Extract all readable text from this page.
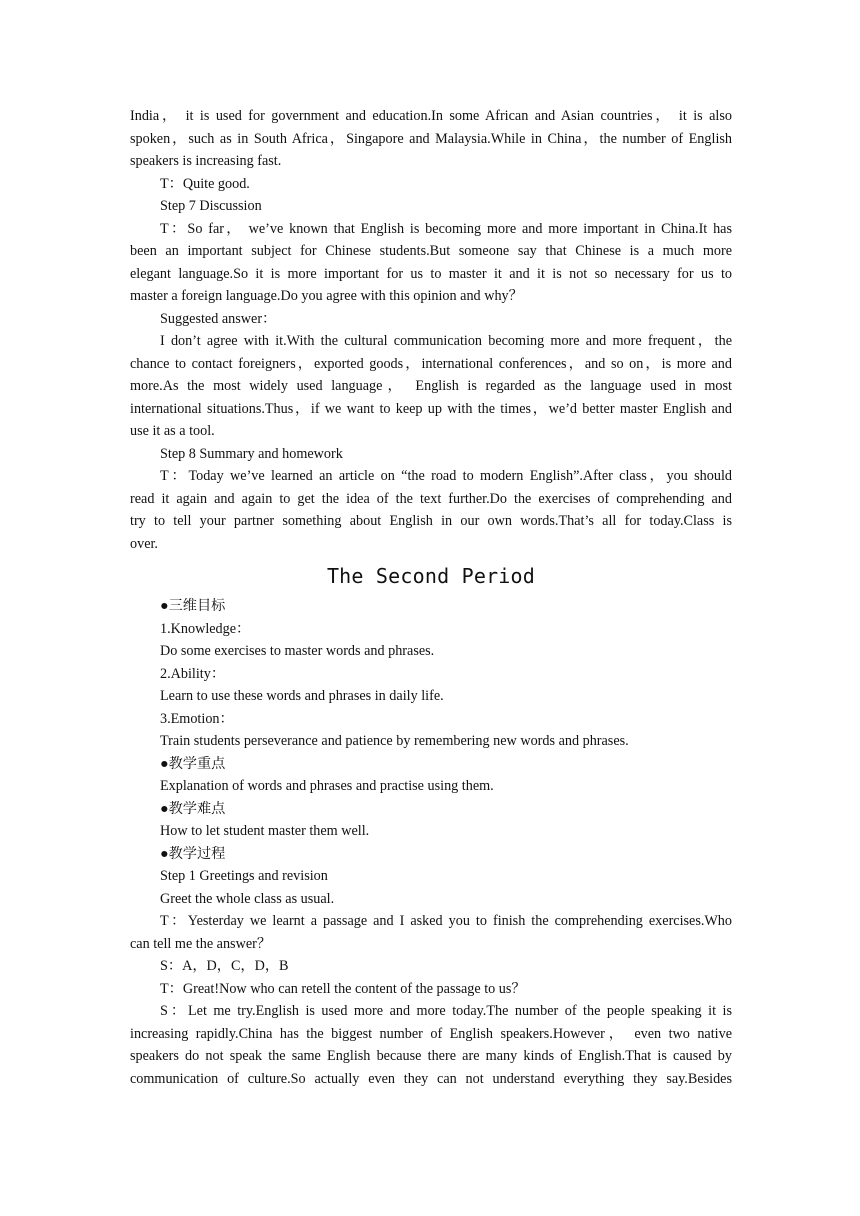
India， it is used for government and education.In some African and Asian countries， it is also
spoken，such as in South Africa，Singapore and Malaysia.While in China，the number of English
speakers is increasing fast.
T：Quite good.
Step 7 Discussion
T：So far， we’ve known that English is becoming more and more important in China.It has
been an important subject for Chinese students.But someone say that Chinese is a much more
elegant language.So it is more important for us to master it and it is not so necessary for us to
master a foreign language.Do you agree with this opinion and why？
Suggested answer：
I don’t agree with it.With the cultural communication becoming more and more frequent，the
chance to contact foreigners，exported goods，international conferences，and so on，is more and
more.As the most widely used language， English is regarded as the language used in most
international situations.Thus，if we want to keep up with the times，we’d better master English and
use it as a tool.
Step 8 Summary and homework
T：Today we’ve learned an article on “the road to modern English”.After class，you should
read it again and again to get the idea of the text further.Do the exercises of comprehending and
try to tell your partner something about English in our own words.That’s all for today.Class is
over.
The Second Period
●三维目标
1.Knowledge：
Do some exercises to master words and phrases.
2.Ability：
Learn to use these words and phrases in daily life.
3.Emotion：
Train students perseverance and patience by remembering new words and phrases.
●教学重点
Explanation of words and phrases and practise using them.
●教学难点
How to let student master them well.
●教学过程
Step 1 Greetings and revision
Greet the whole class as usual.
T：Yesterday we learnt a passage and I asked you to finish the comprehending exercises.Who
can tell me the answer？
S：A，D，C，D，B
T：Great!Now who can retell the content of the passage to us？
S：Let me try.English is used more and more today.The number of the people speaking it is
increasing rapidly.China has the biggest number of English speakers.However， even two native
speakers do not speak the same English because there are many kinds of English.That is caused by
communication of culture.So actually even they can not understand everything they say.Besides
